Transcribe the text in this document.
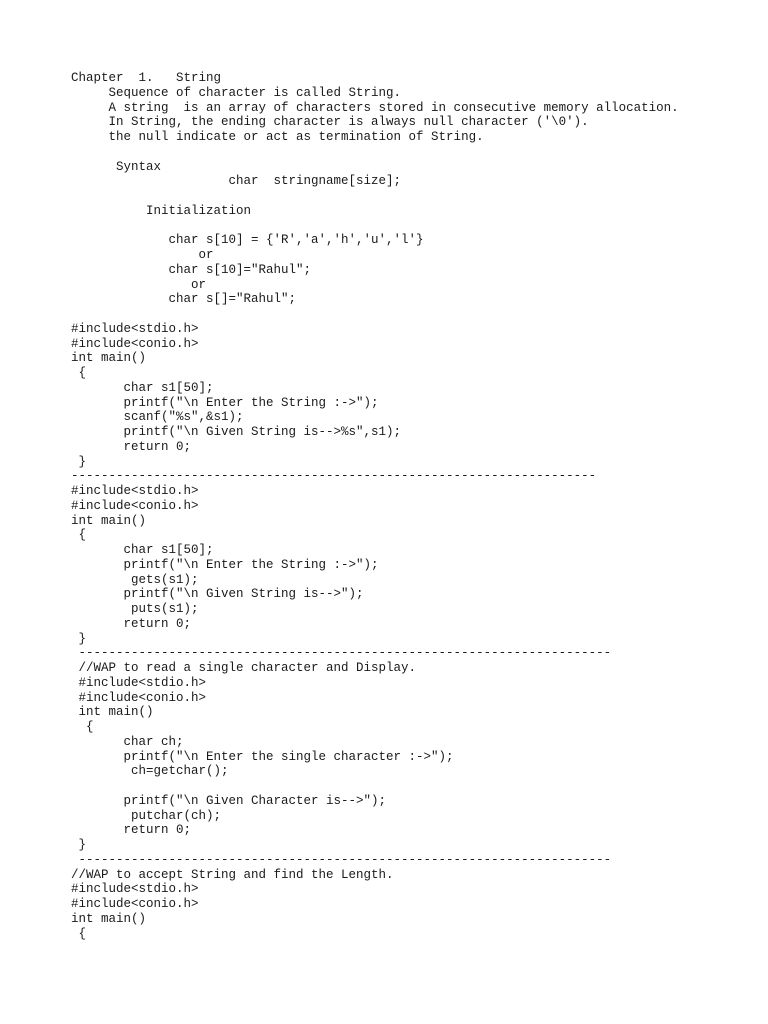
Chapter  1.   String
Sequence of character is called String.
A string  is an array of characters stored in consecutive memory allocation.
In String, the ending character is always null character ('\0').
the null indicate or act as termination of String.
Syntax
char  stringname[size];
Initialization
char s[10] = {'R','a','h','u','l'}
or
char s[10]="Rahul";
or
char s[]="Rahul";
#include<stdio.h>
#include<conio.h>
int main()
{
char s1[50];
printf("\n Enter the String :->");
scanf("%s",&s1);
printf("\n Given String is-->%s",s1);
return 0;
}
----------------------------------------------------------------------
#include<stdio.h>
#include<conio.h>
int main()
{
char s1[50];
printf("\n Enter the String :->");
gets(s1);
printf("\n Given String is-->");
puts(s1);
return 0;
}
-----------------------------------------------------------------------
//WAP to read a single character and Display.
#include<stdio.h>
#include<conio.h>
int main()
{
char ch;
printf("\n Enter the single character :->");
ch=getchar();
printf("\n Given Character is-->");
putchar(ch);
return 0;
}
-----------------------------------------------------------------------
//WAP to accept String and find the Length.
#include<stdio.h>
#include<conio.h>
int main()
{
